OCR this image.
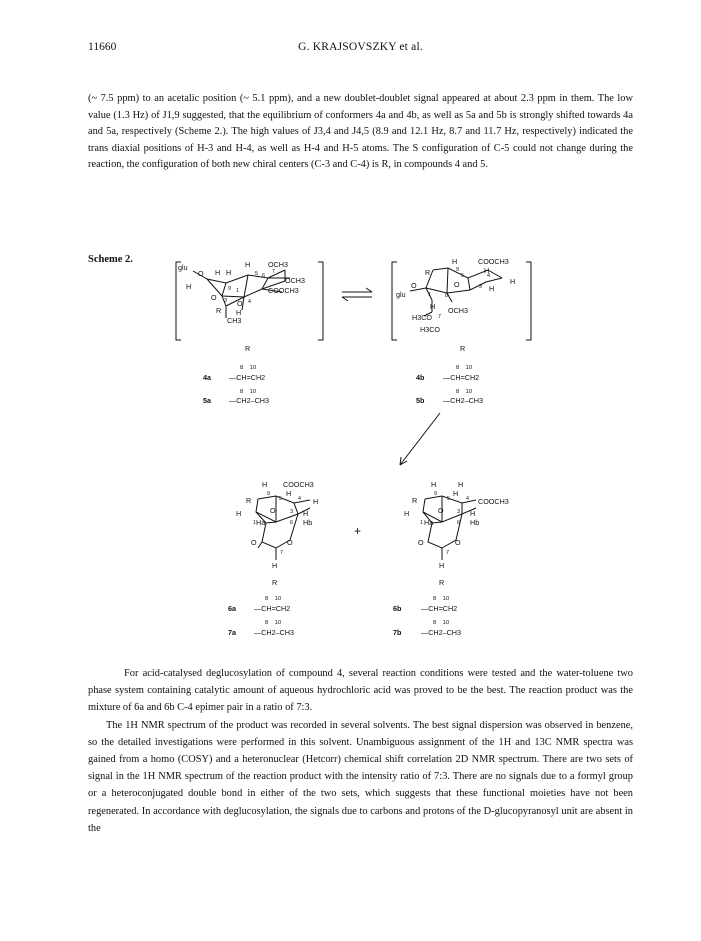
11660	G. KRAJSOVSZKY et al.

(~ 7.5 ppm) to an acetalic position (~ 5.1 ppm), and a new doublet-doublet signal appeared at about 2.3 ppm in them. The low value (1.3 Hz) of J1,9 suggested, that the equilibrium of conformers 4a and 4b, as well as 5a and 5b is strongly shifted towards 4a and 5a, respectively (Scheme 2.). The high values of J3,4 and J4,5 (8.9 and 12.1 Hz, 8.7 and 11.7 Hz, respectively) indicated the trans diaxial positions of H-3 and H-4, as well as H-4 and H-5 atoms. The S configuration of C-5 could not change during the reaction, the configuration of both new chiral centers (C-3 and C-4) is R, in compounds 4 and 5.

Scheme 2.
glu
O
H OCH3
H H
H
OCH3
COOCH3
O
R
O
H
CH3
H	COOCH3
H
R
H
O	H
glu
O
H OCH3
H3CO
H3CO
R	R
8    10
4a	—CH=CH2
8    10
5a	—CH2–CH3
8    10
4b	—CH=CH2
8    10
5b	—CH2–CH3
H COOCH3
H
R	H
H	O	H
Ha	Hb
O	O
H
R
H	H
H
R	COOCH3
H	O	H
Ha	Hb
O	O
H
R
+
8    10
6a	—CH=CH2
8    10
7a	—CH2–CH3
8    10
6b	—CH=CH2
8    10
7b	—CH2–CH3
5 6
7
9 1
3	4
9
5	4
3
8
1
7
9
5	4
3
1	6
7
9
5	4
3
1	6
7

For acid-catalysed deglucosylation of compound 4, several reaction conditions were tested and the water-toluene two phase system containing catalytic amount of aqueous hydrochloric acid was proved to be the best. The reaction product was the mixture of 6a and 6b C-4 epimer pair in a ratio of 7:3.

The 1H NMR spectrum of the product was recorded in several solvents. The best signal dispersion was observed in benzene, so the detailed investigations were performed in this solvent. Unambiguous assignment of the 1H and 13C NMR spectra was gained from a homo (COSY) and a heteronuclear (Hetcorr) chemical shift correlation 2D NMR spectrum. There are two sets of signal in the 1H NMR spectrum of the reaction product with the intensity ratio of 7:3. There are no signals due to a formyl group or a heteroconjugated double bond in either of the two sets, which suggests that these functional moieties have not been regenerated. In accordance with deglucosylation, the signals due to carbons and protons of the D-glucopyranosyl unit are absent in the
